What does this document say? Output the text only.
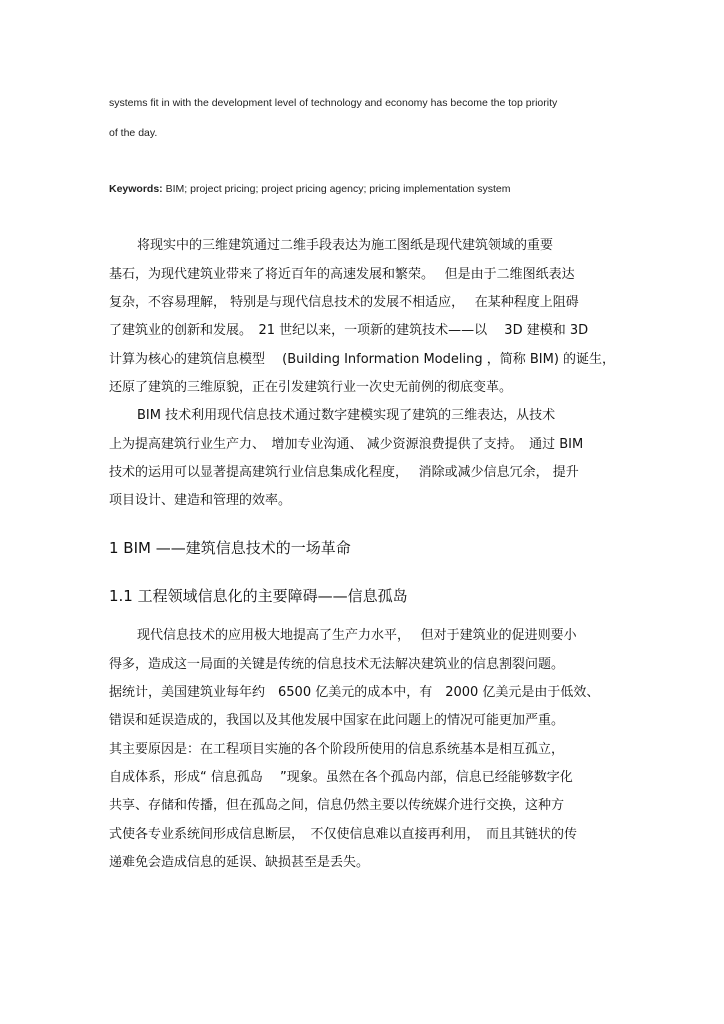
systems fit in with the development level of technology and economy has become the top priority
of the day.
Keywords: BIM; project pricing; project pricing agency; pricing implementation system
将现实中的三维建筑通过二维手段表达为施工图纸是现代建筑领域的重要
基石，为现代建筑业带来了将近百年的高速发展和繁荣。　 但是由于二维图纸表达
复杂，不容易理解， 特别是与现代信息技术的发展不相适应，　 在某种程度上阻碍
了建筑业的创新和发展。　21 世纪以来，一项新的建筑技术——以　 3D 建模和 3D
计算为核心的建筑信息模型　 (Building Information Modeling ，简称 BIM) 的诞生，
还原了建筑的三维原貌，正在引发建筑行业一次史无前例的彻底变革。
BIM 技术利用现代信息技术通过数字建模实现了建筑的三维表达，从技术
上为提高建筑行业生产力、　增加专业沟通、 减少资源浪费提供了支持。　通过 BIM
技术的运用可以显著提高建筑行业信息集成化程度，　 消除或减少信息冗余， 提升
项目设计、建造和管理的效率。
1 BIM ——建筑信息技术的一场革命
1.1 工程领域信息化的主要障碍——信息孤岛
现代信息技术的应用极大地提高了生产力水平，　 但对于建筑业的促进则要小
得多，造成这一局面的关键是传统的信息技术无法解决建筑业的信息割裂问题。
据统计，美国建筑业每年约　6500 亿美元的成本中，有　2000 亿美元是由于低效、
错误和延误造成的，我国以及其他发展中国家在此问题上的情况可能更加严重。
其主要原因是：在工程项目实施的各个阶段所使用的信息系统基本是相互孤立，
自成体系，形成“ 信息孤岛　 ”现象。虽然在各个孤岛内部，信息已经能够数字化
共享、存储和传播，但在孤岛之间，信息仍然主要以传统媒介进行交换，这种方
式使各专业系统间形成信息断层，　不仅使信息难以直接再利用，　而且其链状的传
递难免会造成信息的延误、缺损甚至是丢失。
